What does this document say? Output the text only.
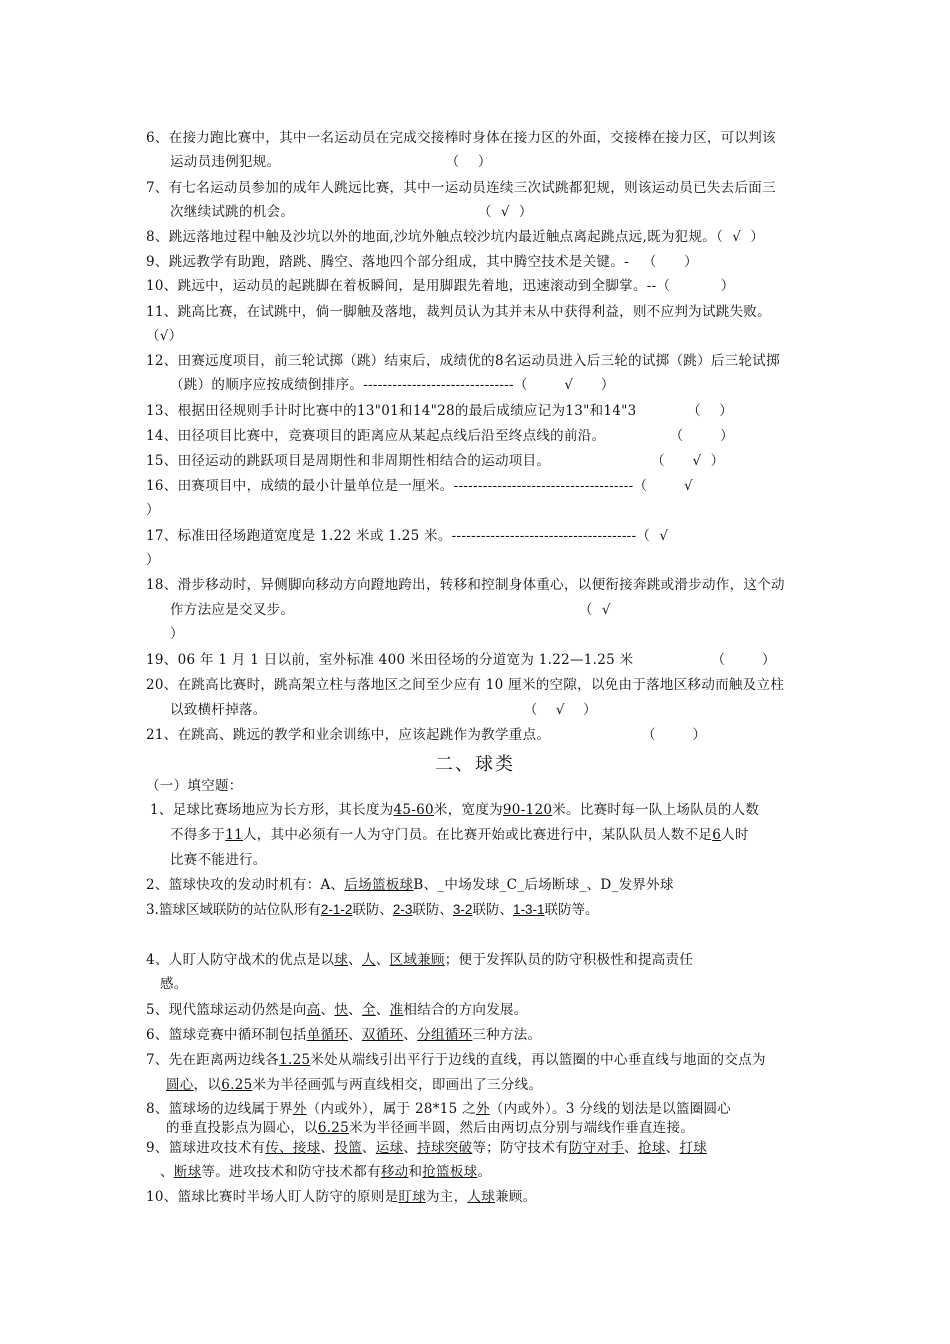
6、在接力跑比赛中，其中一名运动员在完成交接棒时身体在接力区的外面，交接棒在接力区，可以判该
运动员违例犯规。                                    （    ）
7、有七名运动员参加的成年人跳远比赛，其中一运动员连续三次试跳都犯规，则该运动员已失去后面三
次继续试跳的机会。                                        （  √  ）
8、跳远落地过程中触及沙坑以外的地面,沙坑外触点较沙坑内最近触点离起跳点远,既为犯规。（  √  ）
9、跳远教学有助跑，踏跳、腾空、落地四个部分组成，其中腾空技术是关键。-   （      ）
10、跳远中，运动员的起跳脚在着板瞬间，是用脚跟先着地，迅速滚动到全脚掌。--（           ）
11、跳高比赛，在试跳中，倘一脚触及落地，裁判员认为其并未从中获得利益，则不应判为试跳失败。
（√）
12、田赛远度项目，前三轮试掷（跳）结束后，成绩优的8名运动员进入后三轮的试掷（跳）后三轮试掷
（跳）的顺序应按成绩倒排序。-------------------------------（        √      ）
13、根据田径规则手计时比赛中的13"01和14"28的最后成绩应记为13"和14"3           （    ）
14、田径项目比赛中，竞赛项目的距离应从某起点线后沿至终点线的前沿。              （        ）
15、田径运动的跳跃项目是周期性和非周期性相结合的运动项目。                      （      √  ）
16、田赛项目中，成绩的最小计量单位是一厘米。-------------------------------------（        √
）
17、标准田径场跑道宽度是 1.22 米或 1.25 米。--------------------------------------（  √
）
18、滑步移动时，异侧脚向移动方向蹬地跨出，转移和控制身体重心，以便衔接奔跳或滑步动作，这个动
作方法应是交叉步。                                                              （  √
）
19、06 年 1 月 1 日以前，室外标准 400 米田径场的分道宽为 1.22—1.25 米                 （        ）
20、在跳高比赛时，跳高架立柱与落地区之间至少应有 10 厘米的空隙，以免由于落地区移动而触及立柱
以致横杆掉落。                                                        （    √    ）
21、在跳高、跳远的教学和业余训练中，应该起跳作为教学重点。                    （        ）
二、球类
（一）填空题：
1、足球比赛场地应为长方形，其长度为45-60米，宽度为90-120米。比赛时每一队上场队员的人数
不得多于11人，其中必须有一人为守门员。在比赛开始或比赛进行中，某队队员人数不足6人时
比赛不能进行。
2、篮球快攻的发动时机有：A、后场篮板球B、_中场发球_C_后场断球_、D_发界外球
3.篮球区域联防的站位队形有2-1-2联防、2-3联防、3-2联防、1-3-1联防等。
4、人盯人防守战术的优点是以球、人、区域兼顾；便于发挥队员的防守积极性和提高责任
感。
5、现代篮球运动仍然是向高、快、全、准相结合的方向发展。
6、篮球竞赛中循环制包括单循环、双循环、分组循环三种方法。
7、先在距离两边线各1.25米处从端线引出平行于边线的直线，再以篮圈的中心垂直线与地面的交点为
圆心，以6.25米为半径画弧与两直线相交，即画出了三分线。
8、篮球场的边线属于界外（内或外），属于 28*15 之外（内或外）。3 分线的划法是以篮圈圆心
的垂直投影点为圆心，以6.25米为半径画半圆，然后由两切点分别与端线作垂直连接。
9、篮球进攻技术有传、接球、投篮、运球、持球突破等；防守技术有防守对手、抢球、打球
、断球等。进攻技术和防守技术都有移动和抢篮板球。
10、篮球比赛时半场人盯人防守的原则是盯球为主，人球兼顾。
